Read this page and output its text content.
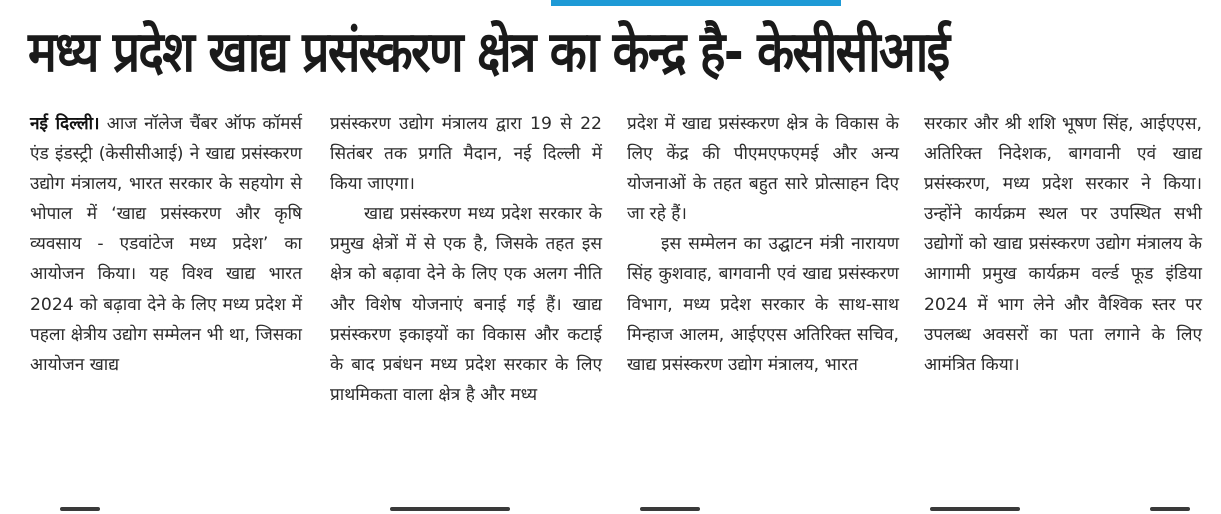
मध्य प्रदेश खाद्य प्रसंस्करण क्षेत्र का केन्द्र है- केसीसीआई

नई दिल्ली। आज नॉलेज चैंबर ऑफ कॉमर्स एंड इंडस्ट्री (केसीसीआई) ने खाद्य प्रसंस्करण उद्योग मंत्रालय, भारत सरकार के सहयोग से भोपाल में ‘खाद्य प्रसंस्करण और कृषि व्यवसाय - एडवांटेज मध्य प्रदेश’ का आयोजन किया। यह विश्व खाद्य भारत 2024 को बढ़ावा देने के लिए मध्य प्रदेश में पहला क्षेत्रीय उद्योग सम्मेलन भी था, जिसका आयोजन खाद्य

प्रसंस्करण उद्योग मंत्रालय द्वारा 19 से 22 सितंबर तक प्रगति मैदान, नई दिल्ली में किया जाएगा।

खाद्य प्रसंस्करण मध्य प्रदेश सरकार के प्रमुख क्षेत्रों में से एक है, जिसके तहत इस क्षेत्र को बढ़ावा देने के लिए एक अलग नीति और विशेष योजनाएं बनाई गई हैं। खाद्य प्रसंस्करण इकाइयों का विकास और कटाई के बाद प्रबंधन मध्य प्रदेश सरकार के लिए प्राथमिकता वाला क्षेत्र है और मध्य

प्रदेश में खाद्य प्रसंस्करण क्षेत्र के विकास के लिए केंद्र की पीएमएफएमई और अन्य योजनाओं के तहत बहुत सारे प्रोत्साहन दिए जा रहे हैं।

इस सम्मेलन का उद्घाटन मंत्री नारायण सिंह कुशवाह, बागवानी एवं खाद्य प्रसंस्करण विभाग, मध्य प्रदेश सरकार के साथ-साथ मिन्हाज आलम, आईएएस अतिरिक्त सचिव, खाद्य प्रसंस्करण उद्योग मंत्रालय, भारत

सरकार और श्री शशि भूषण सिंह, आईएएस, अतिरिक्त निदेशक, बागवानी एवं खाद्य प्रसंस्करण, मध्य प्रदेश सरकार ने किया। उन्होंने कार्यक्रम स्थल पर उपस्थित सभी उद्योगों को खाद्य प्रसंस्करण उद्योग मंत्रालय के आगामी प्रमुख कार्यक्रम वर्ल्ड फूड इंडिया 2024 में भाग लेने और वैश्विक स्तर पर उपलब्ध अवसरों का पता लगाने के लिए आमंत्रित किया।
